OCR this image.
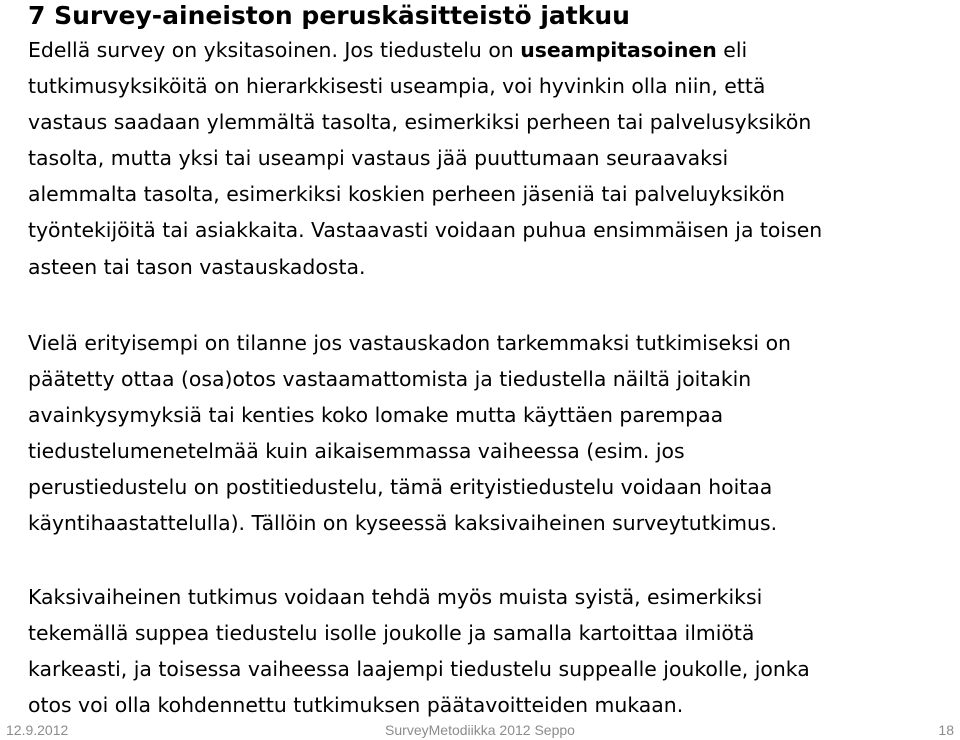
7 Survey-aineiston peruskäsitteistö jatkuu
Edellä survey on yksitasoinen. Jos tiedustelu on useampitasoinen eli
tutkimusyksiköitä on hierarkkisesti useampia, voi hyvinkin olla niin, että
vastaus saadaan ylemmältä tasolta, esimerkiksi perheen tai palvelusyksikön
tasolta, mutta yksi tai useampi vastaus jää puuttumaan seuraavaksi
alemmalta tasolta, esimerkiksi koskien perheen jäseniä tai palveluyksikön
työntekijöitä tai asiakkaita. Vastaavasti voidaan puhua ensimmäisen ja toisen
asteen tai tason vastauskadosta.
Vielä erityisempi on tilanne jos vastauskadon tarkemmaksi tutkimiseksi on
päätetty ottaa (osa)otos vastaamattomista ja tiedustella näiltä joitakin
avainkysymyksiä tai kenties koko lomake mutta käyttäen parempaa
tiedustelumenetelmää kuin aikaisemmassa vaiheessa (esim. jos
perustiedustelu on postitiedustelu, tämä erityistiedustelu voidaan hoitaa
käyntihaastattelulla). Tällöin on kyseessä kaksivaiheinen surveytutkimus.
Kaksivaiheinen tutkimus voidaan tehdä myös muista syistä, esimerkiksi
tekemällä suppea tiedustelu isolle joukolle ja samalla kartoittaa ilmiötä
karkeasti, ja toisessa vaiheessa laajempi tiedustelu suppealle joukolle, jonka
otos voi olla kohdennettu tutkimuksen päätavoitteiden mukaan.
SurveyMetodiikka 2012 Seppo
12.9.2012	18
